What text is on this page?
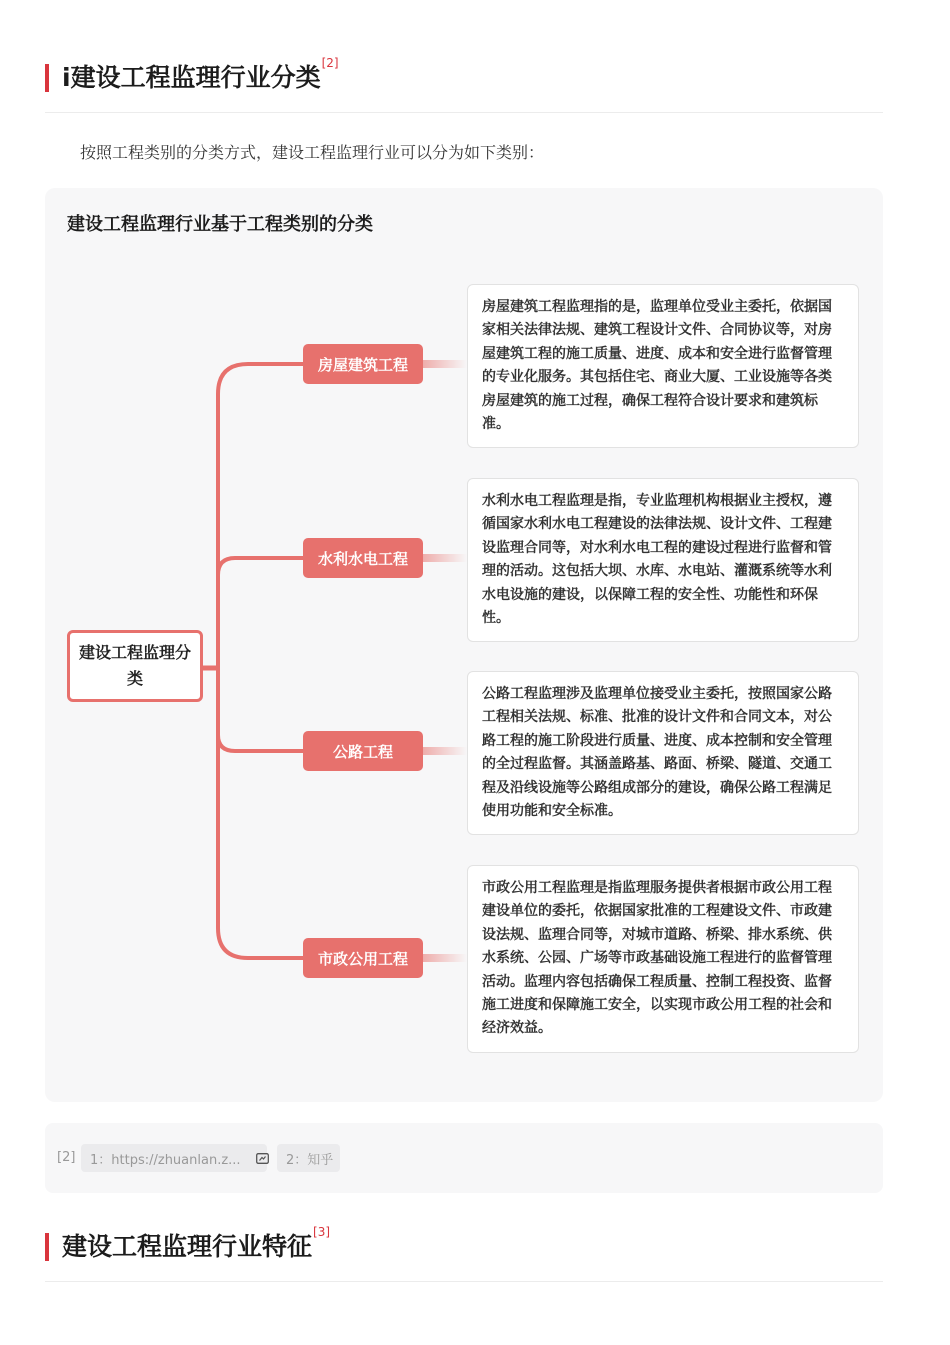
i建设工程监理行业分类[2]
按照工程类别的分类方式，建设工程监理行业可以分为如下类别：
建设工程监理行业基于工程类别的分类
建设工程监理分类
房屋建筑工程
水利水电工程
公路工程
市政公用工程
房屋建筑工程监理指的是，监理单位受业主委托，依据国家相关法律法规、建筑工程设计文件、合同协议等，对房屋建筑工程的施工质量、进度、成本和安全进行监督管理的专业化服务。其包括住宅、商业大厦、工业设施等各类房屋建筑的施工过程，确保工程符合设计要求和建筑标准。
水利水电工程监理是指，专业监理机构根据业主授权，遵循国家水利水电工程建设的法律法规、设计文件、工程建设监理合同等，对水利水电工程的建设过程进行监督和管理的活动。这包括大坝、水库、水电站、灌溉系统等水利水电设施的建设，以保障工程的安全性、功能性和环保性。
公路工程监理涉及监理单位接受业主委托，按照国家公路工程相关法规、标准、批准的设计文件和合同文本，对公路工程的施工阶段进行质量、进度、成本控制和安全管理的全过程监督。其涵盖路基、路面、桥梁、隧道、交通工程及沿线设施等公路组成部分的建设，确保公路工程满足使用功能和安全标准。
市政公用工程监理是指监理服务提供者根据市政公用工程建设单位的委托，依据国家批准的工程建设文件、市政建设法规、监理合同等，对城市道路、桥梁、排水系统、供水系统、公园、广场等市政基础设施工程进行的监督管理活动。监理内容包括确保工程质量、控制工程投资、监督施工进度和保障施工安全，以实现市政公用工程的社会和经济效益。
[2] 1：https://zhuanlan.z...	2：知乎
建设工程监理行业特征[3]
